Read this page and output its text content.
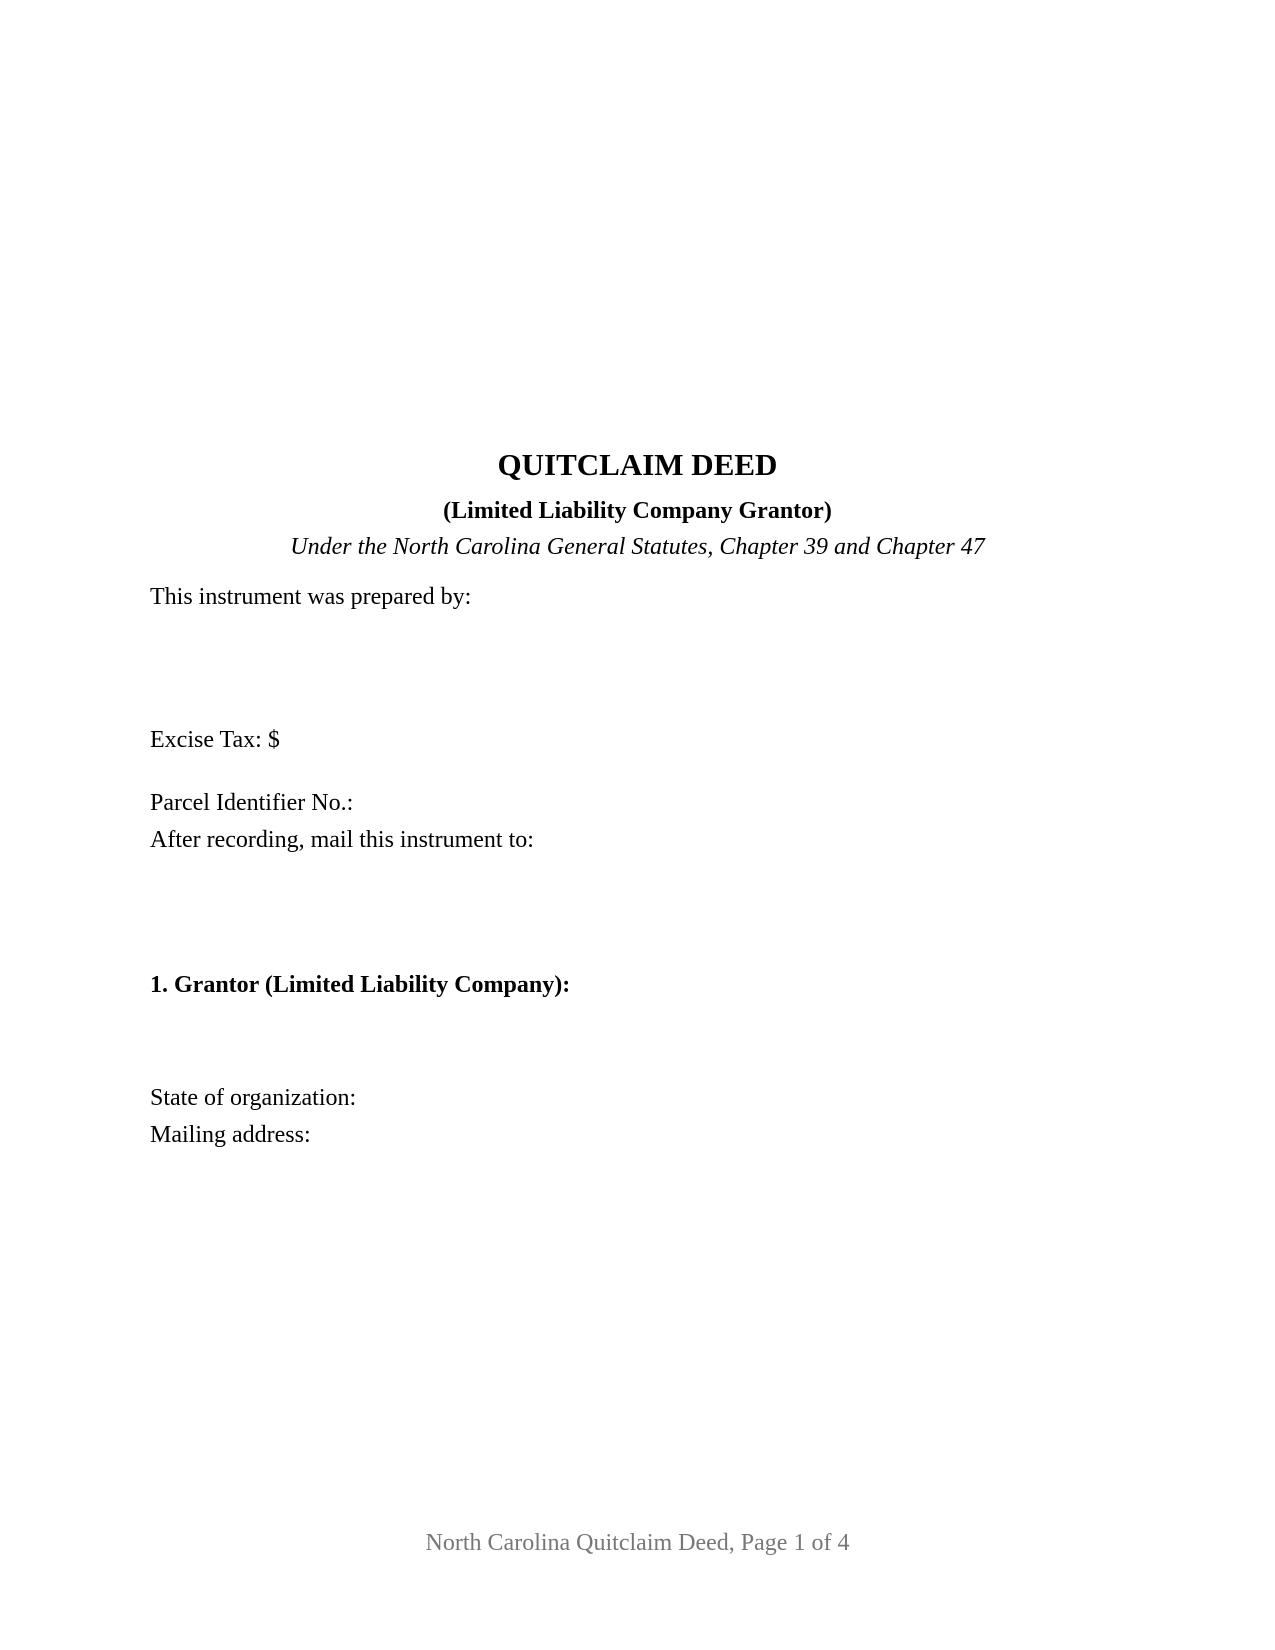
QUITCLAIM DEED
(Limited Liability Company Grantor)
Under the North Carolina General Statutes, Chapter 39 and Chapter 47
This instrument was prepared by:
Excise Tax: $
Parcel Identifier No.:
After recording, mail this instrument to:
1. Grantor (Limited Liability Company):
State of organization:
Mailing address:
North Carolina Quitclaim Deed, Page 1 of 4
